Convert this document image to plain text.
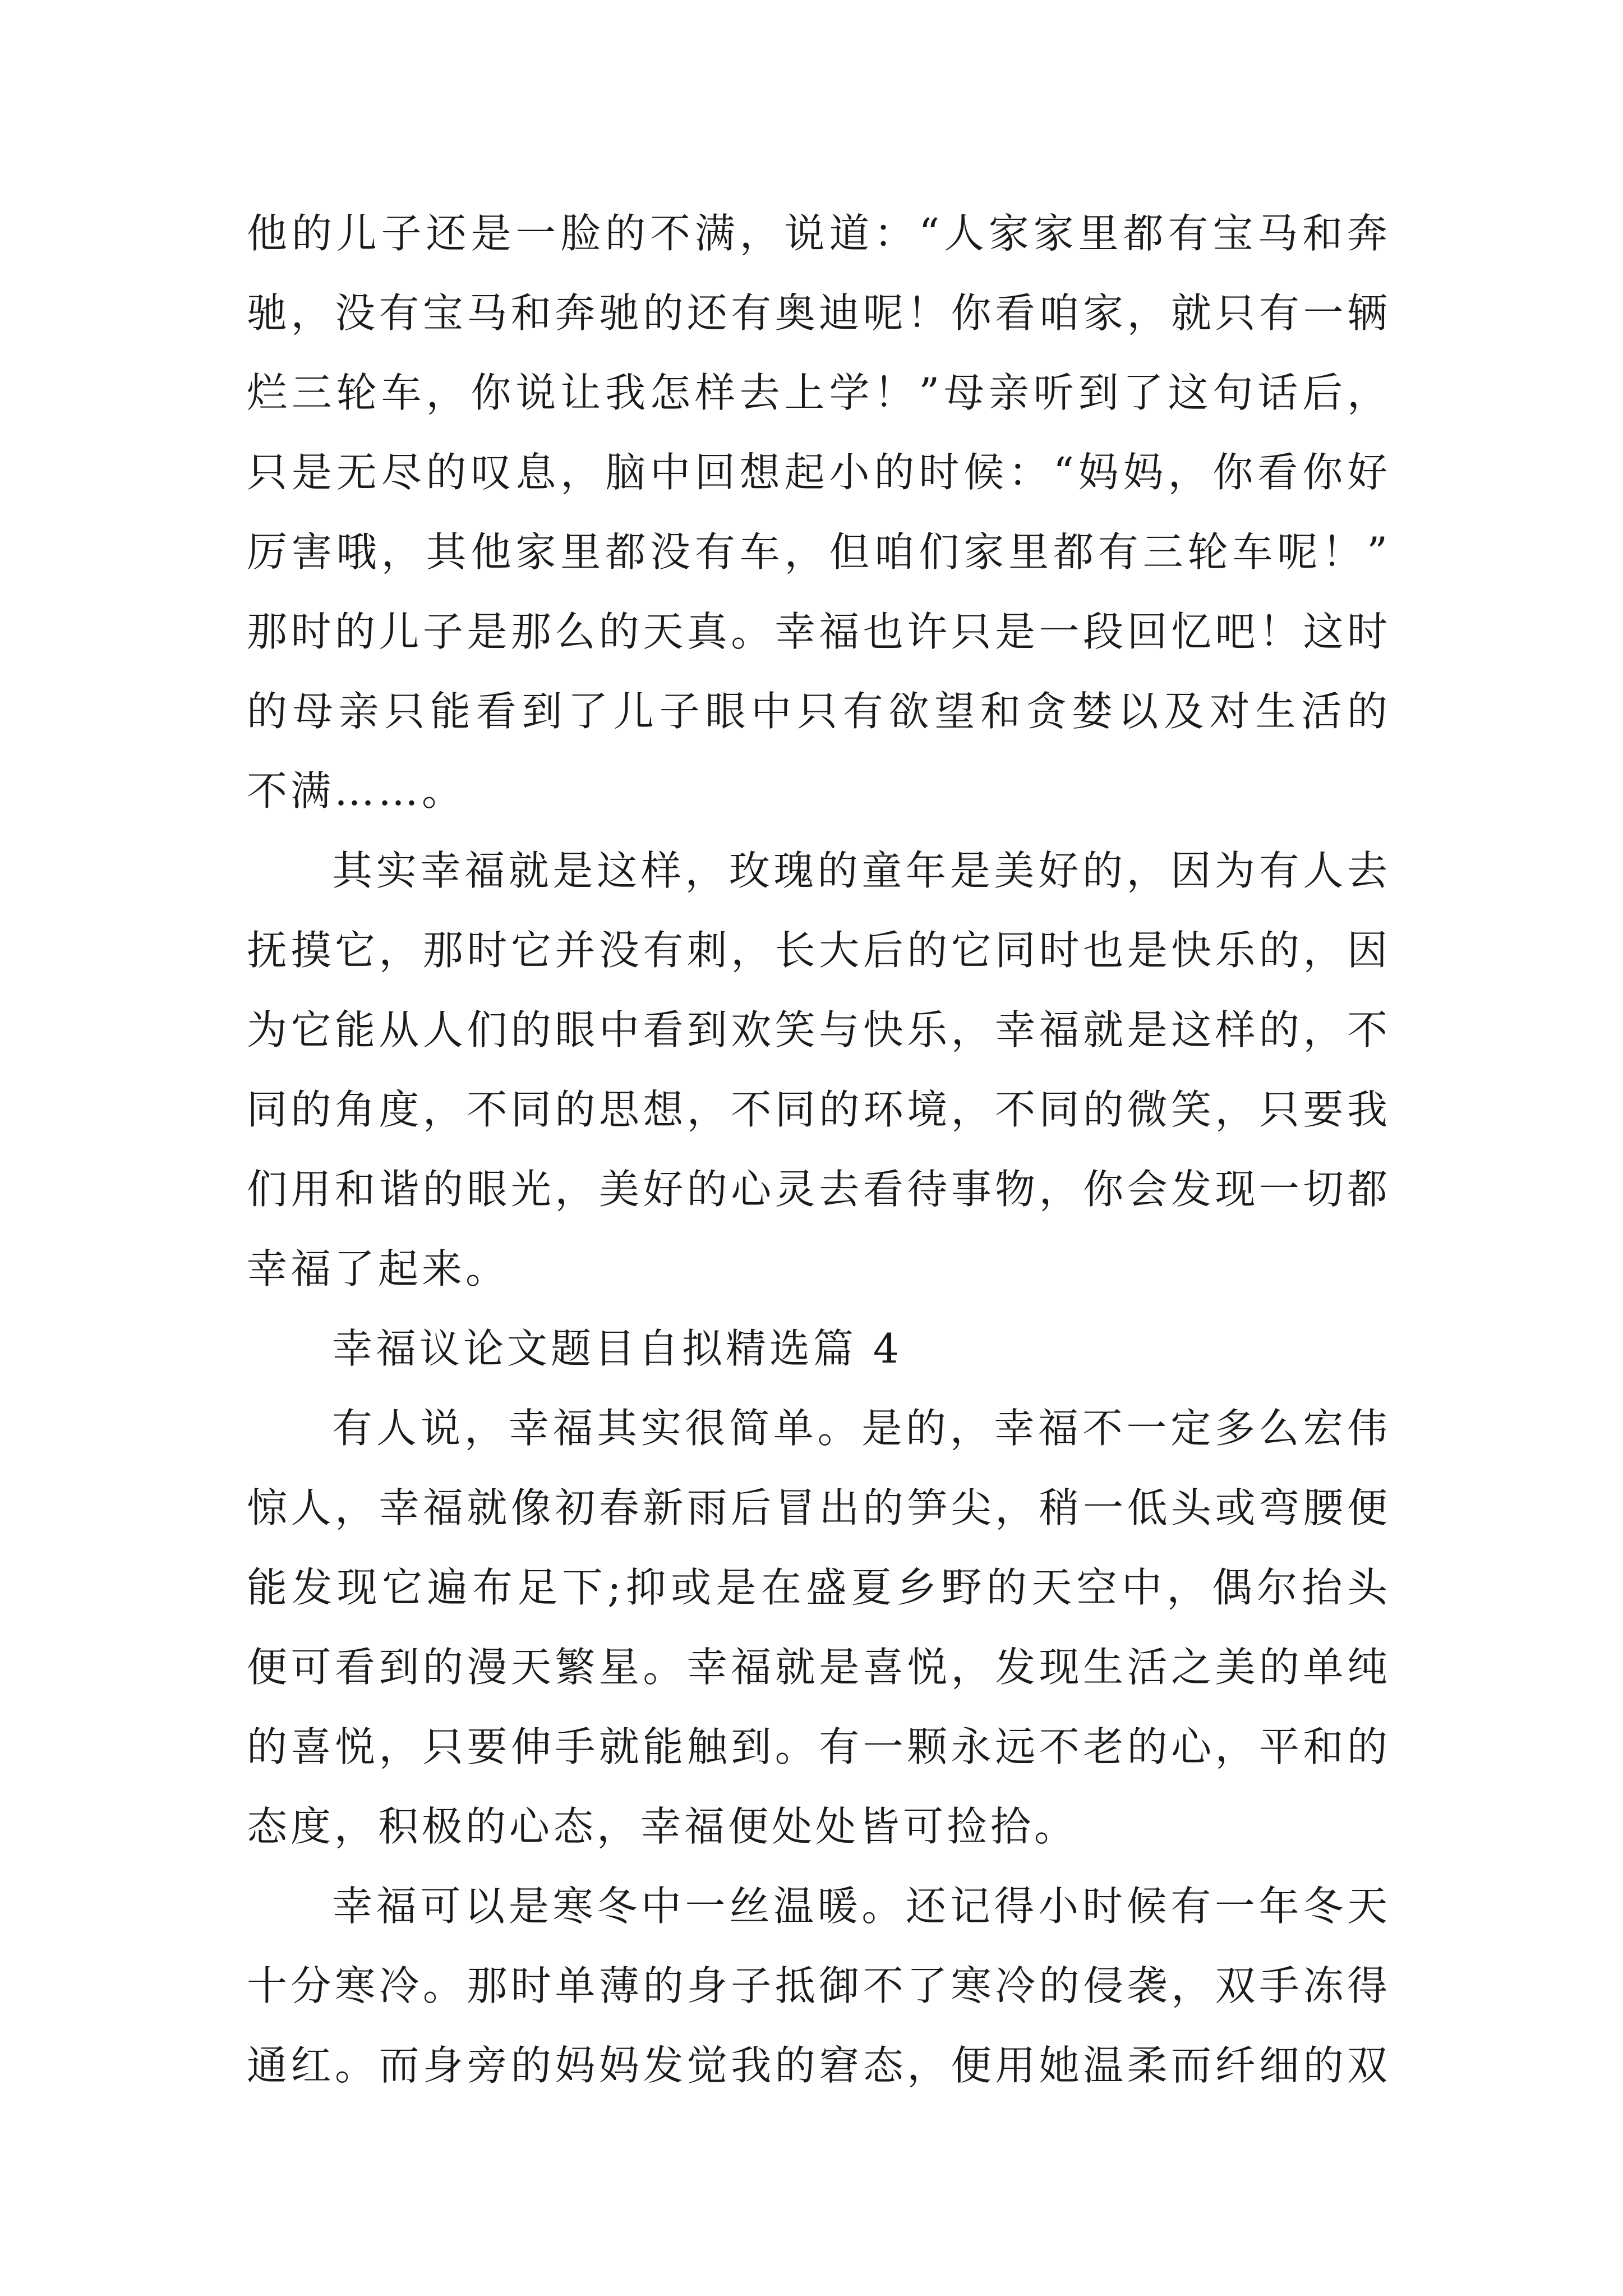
他的儿子还是一脸的不满，说道：“人家家里都有宝马和奔
驰，没有宝马和奔驰的还有奥迪呢！你看咱家，就只有一辆
烂三轮车，你说让我怎样去上学！”母亲听到了这句话后，
只是无尽的叹息，脑中回想起小的时候：“妈妈，你看你好
厉害哦，其他家里都没有车，但咱们家里都有三轮车呢！”
那时的儿子是那么的天真。幸福也许只是一段回忆吧！这时
的母亲只能看到了儿子眼中只有欲望和贪婪以及对生活的
不满……。
其实幸福就是这样，玫瑰的童年是美好的，因为有人去
抚摸它，那时它并没有刺，长大后的它同时也是快乐的，因
为它能从人们的眼中看到欢笑与快乐，幸福就是这样的，不
同的角度，不同的思想，不同的环境，不同的微笑，只要我
们用和谐的眼光，美好的心灵去看待事物，你会发现一切都
幸福了起来。
幸福议论文题目自拟精选篇 4
有人说，幸福其实很简单。是的，幸福不一定多么宏伟
惊人，幸福就像初春新雨后冒出的笋尖，稍一低头或弯腰便
能发现它遍布足下;抑或是在盛夏乡野的天空中，偶尔抬头
便可看到的漫天繁星。幸福就是喜悦，发现生活之美的单纯
的喜悦，只要伸手就能触到。有一颗永远不老的心，平和的
态度，积极的心态，幸福便处处皆可捡拾。
幸福可以是寒冬中一丝温暖。还记得小时候有一年冬天
十分寒冷。那时单薄的身子抵御不了寒冷的侵袭，双手冻得
通红。而身旁的妈妈发觉我的窘态，便用她温柔而纤细的双
